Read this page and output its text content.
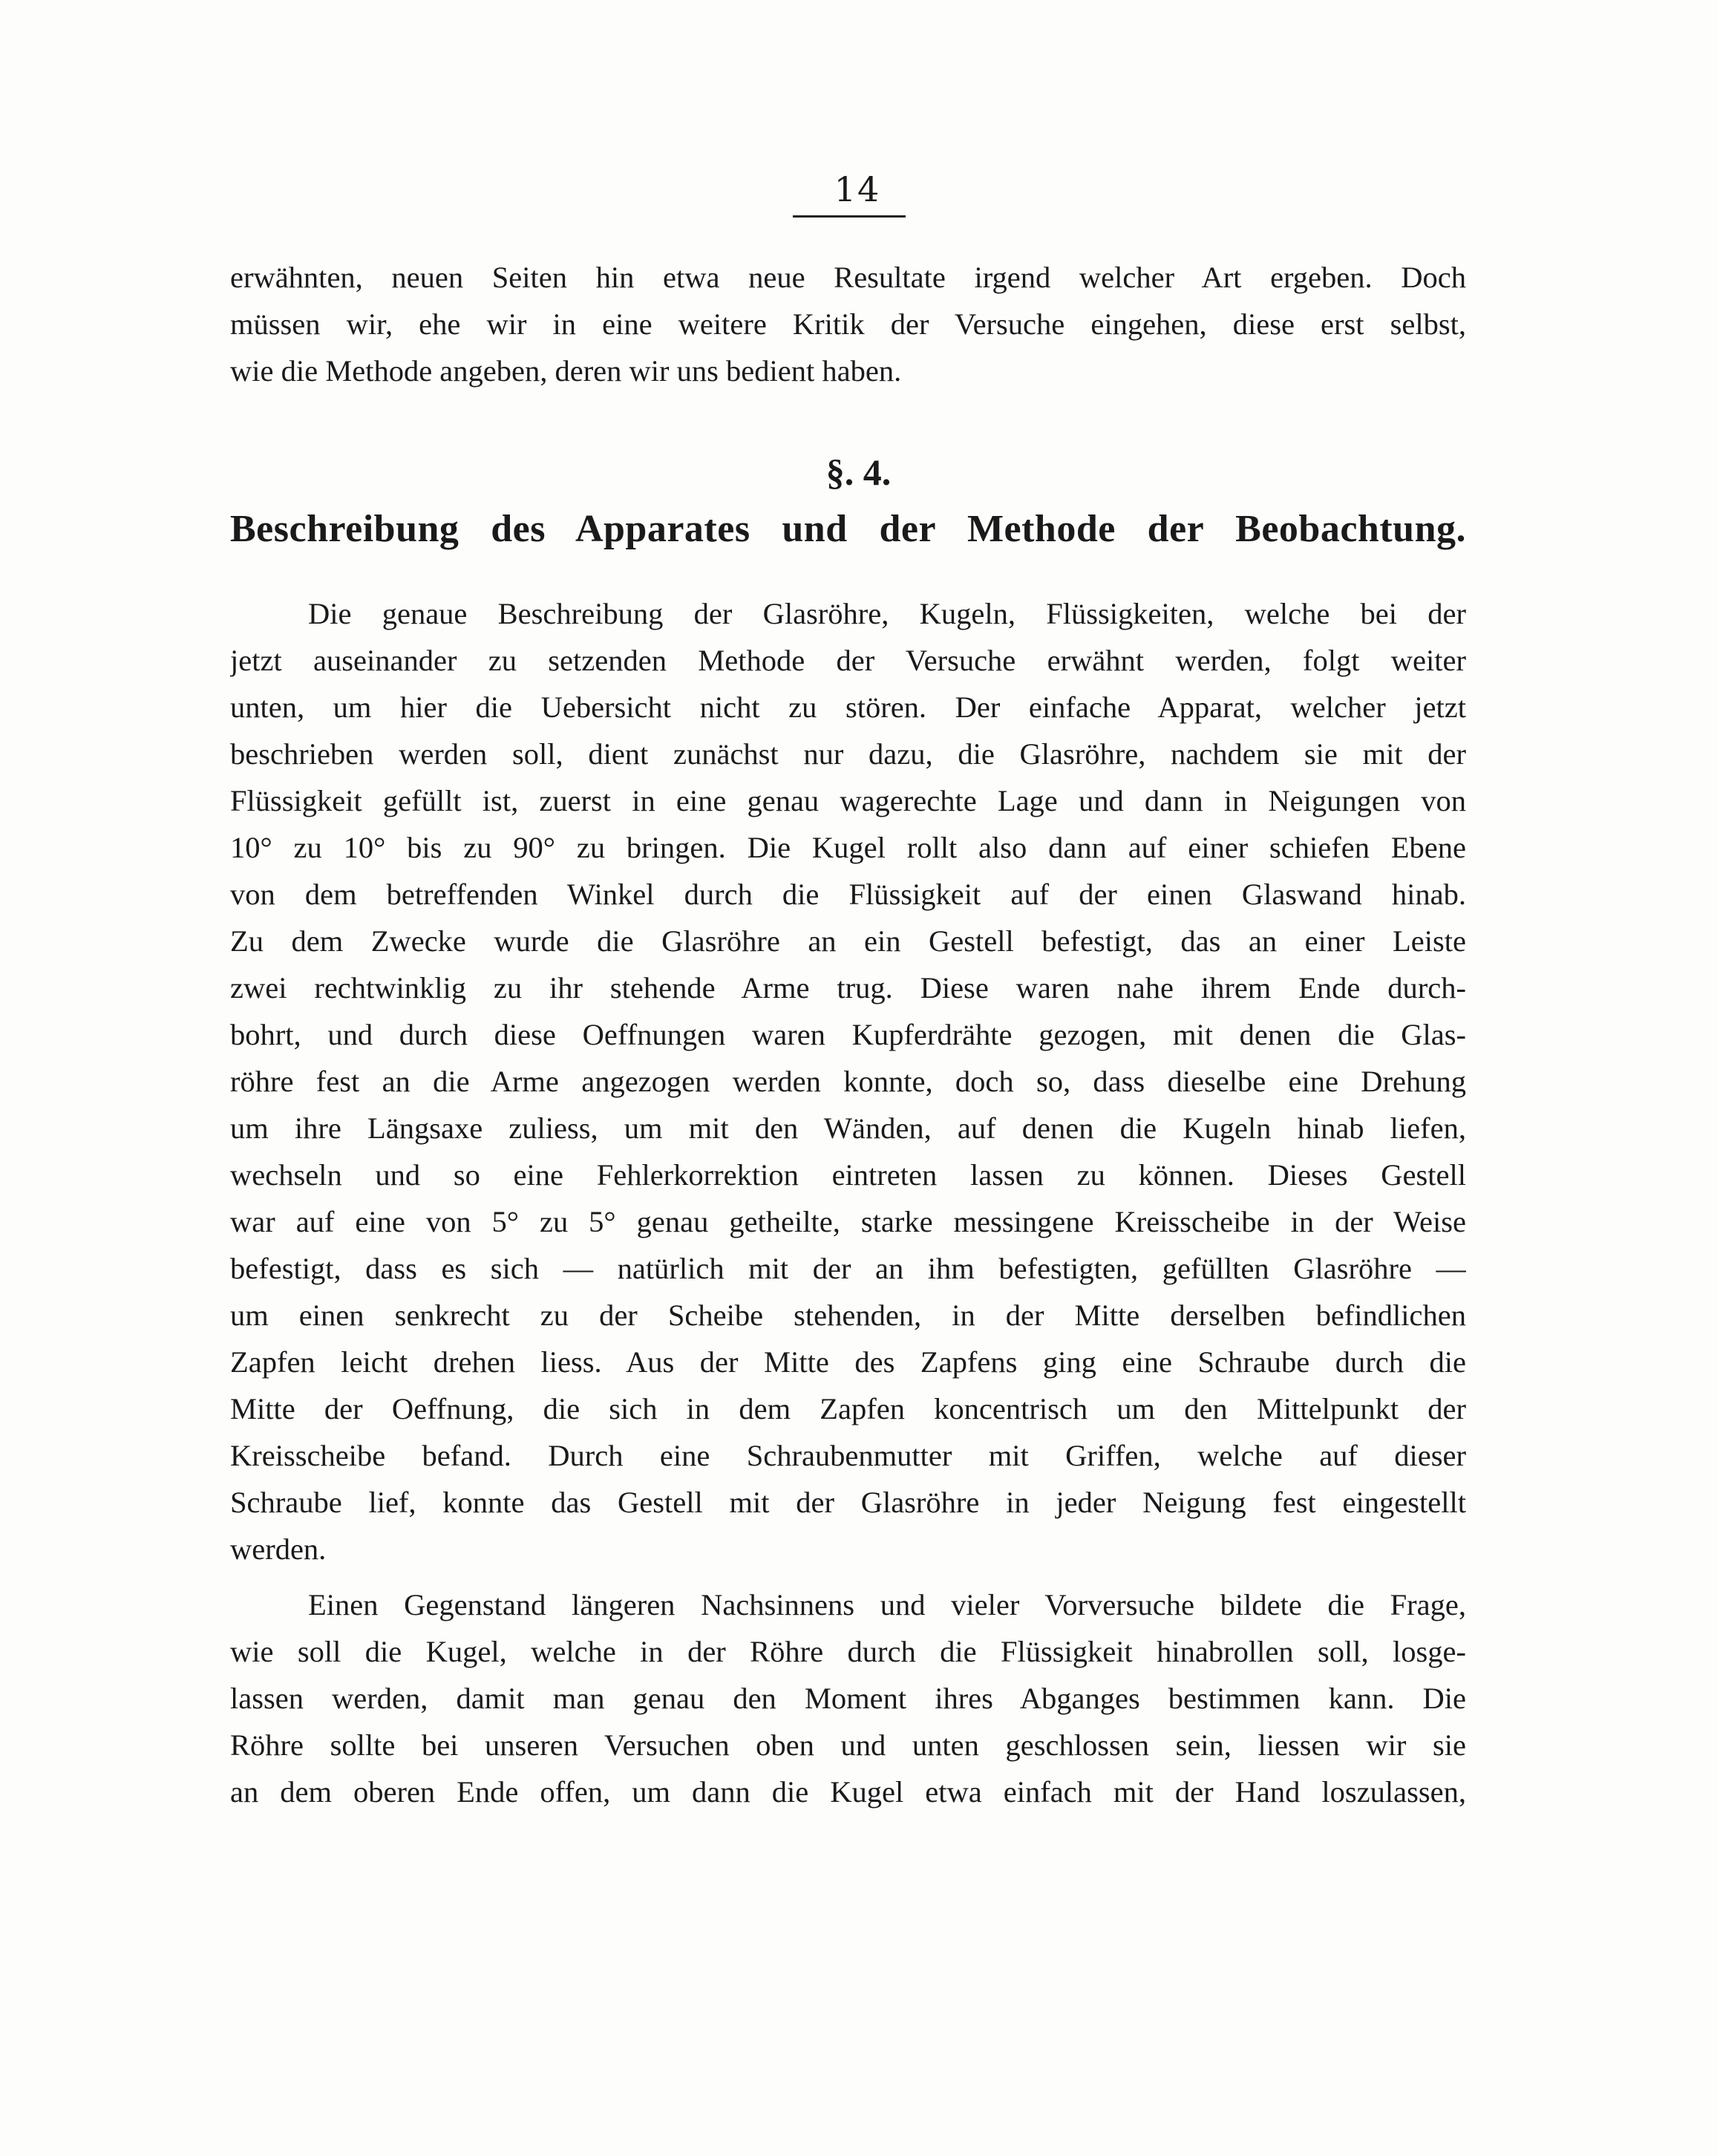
14
erwähnten, neuen Seiten hin etwa neue Resultate irgend welcher Art ergeben. Doch
müssen wir, ehe wir in eine weitere Kritik der Versuche eingehen, diese erst selbst,
wie die Methode angeben, deren wir uns bedient haben.
§. 4.
Beschreibung des Apparates und der Methode der Beobachtung.
Die genaue Beschreibung der Glasröhre, Kugeln, Flüssigkeiten, welche bei der
jetzt auseinander zu setzenden Methode der Versuche erwähnt werden, folgt weiter
unten, um hier die Uebersicht nicht zu stören. Der einfache Apparat, welcher jetzt
beschrieben werden soll, dient zunächst nur dazu, die Glasröhre, nachdem sie mit der
Flüssigkeit gefüllt ist, zuerst in eine genau wagerechte Lage und dann in Neigungen von
10° zu 10° bis zu 90° zu bringen. Die Kugel rollt also dann auf einer schiefen Ebene
von dem betreffenden Winkel durch die Flüssigkeit auf der einen Glaswand hinab.
Zu dem Zwecke wurde die Glasröhre an ein Gestell befestigt, das an einer Leiste
zwei rechtwinklig zu ihr stehende Arme trug. Diese waren nahe ihrem Ende durch-
bohrt, und durch diese Oeffnungen waren Kupferdrähte gezogen, mit denen die Glas-
röhre fest an die Arme angezogen werden konnte, doch so, dass dieselbe eine Drehung
um ihre Längsaxe zuliess, um mit den Wänden, auf denen die Kugeln hinab liefen,
wechseln und so eine Fehlerkorrektion eintreten lassen zu können. Dieses Gestell
war auf eine von 5° zu 5° genau getheilte, starke messingene Kreisscheibe in der Weise
befestigt, dass es sich — natürlich mit der an ihm befestigten, gefüllten Glasröhre —
um einen senkrecht zu der Scheibe stehenden, in der Mitte derselben befindlichen
Zapfen leicht drehen liess. Aus der Mitte des Zapfens ging eine Schraube durch die
Mitte der Oeffnung, die sich in dem Zapfen koncentrisch um den Mittelpunkt der
Kreisscheibe befand. Durch eine Schraubenmutter mit Griffen, welche auf dieser
Schraube lief, konnte das Gestell mit der Glasröhre in jeder Neigung fest eingestellt
werden.
Einen Gegenstand längeren Nachsinnens und vieler Vorversuche bildete die Frage,
wie soll die Kugel, welche in der Röhre durch die Flüssigkeit hinabrollen soll, losge-
lassen werden, damit man genau den Moment ihres Abganges bestimmen kann. Die
Röhre sollte bei unseren Versuchen oben und unten geschlossen sein, liessen wir sie
an dem oberen Ende offen, um dann die Kugel etwa einfach mit der Hand loszulassen,
